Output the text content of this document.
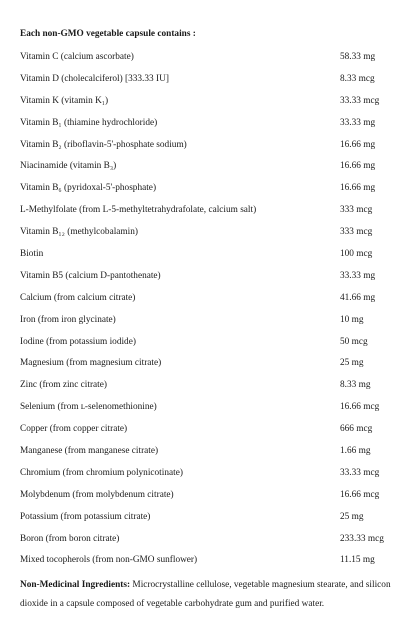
Each non-GMO vegetable capsule contains :
Vitamin C (calcium ascorbate)	58.33 mg
Vitamin D (cholecalciferol) [333.33 IU]	8.33 mcg
Vitamin K (vitamin K₁)	33.33 mcg
Vitamin B₁ (thiamine hydrochloride)	33.33 mg
Vitamin B₂ (riboflavin-5'-phosphate sodium)	16.66 mg
Niacinamide (vitamin B₃)	16.66 mg
Vitamin B₆ (pyridoxal-5'-phosphate)	16.66 mg
L-Methylfolate (from L-5-methyltetrahydrafolate, calcium salt)	333 mcg
Vitamin B₁₂ (methylcobalamin)	333 mcg
Biotin	100 mcg
Vitamin B5 (calcium D-pantothenate)	33.33 mg
Calcium (from calcium citrate)	41.66 mg
Iron (from iron glycinate)	10 mg
Iodine (from potassium iodide)	50 mcg
Magnesium (from magnesium citrate)	25 mg
Zinc (from zinc citrate)	8.33 mg
Selenium (from ʟ-selenomethionine)	16.66 mcg
Copper (from copper citrate)	666 mcg
Manganese (from manganese citrate)	1.66 mg
Chromium (from chromium polynicotinate)	33.33 mcg
Molybdenum (from molybdenum citrate)	16.66 mcg
Potassium (from potassium citrate)	25 mg
Boron (from boron citrate)	233.33 mcg
Mixed tocopherols (from non-GMO sunflower)	11.15 mg
Non-Medicinal Ingredients: Microcrystalline cellulose, vegetable magnesium stearate, and silicon dioxide in a capsule composed of vegetable carbohydrate gum and purified water.
